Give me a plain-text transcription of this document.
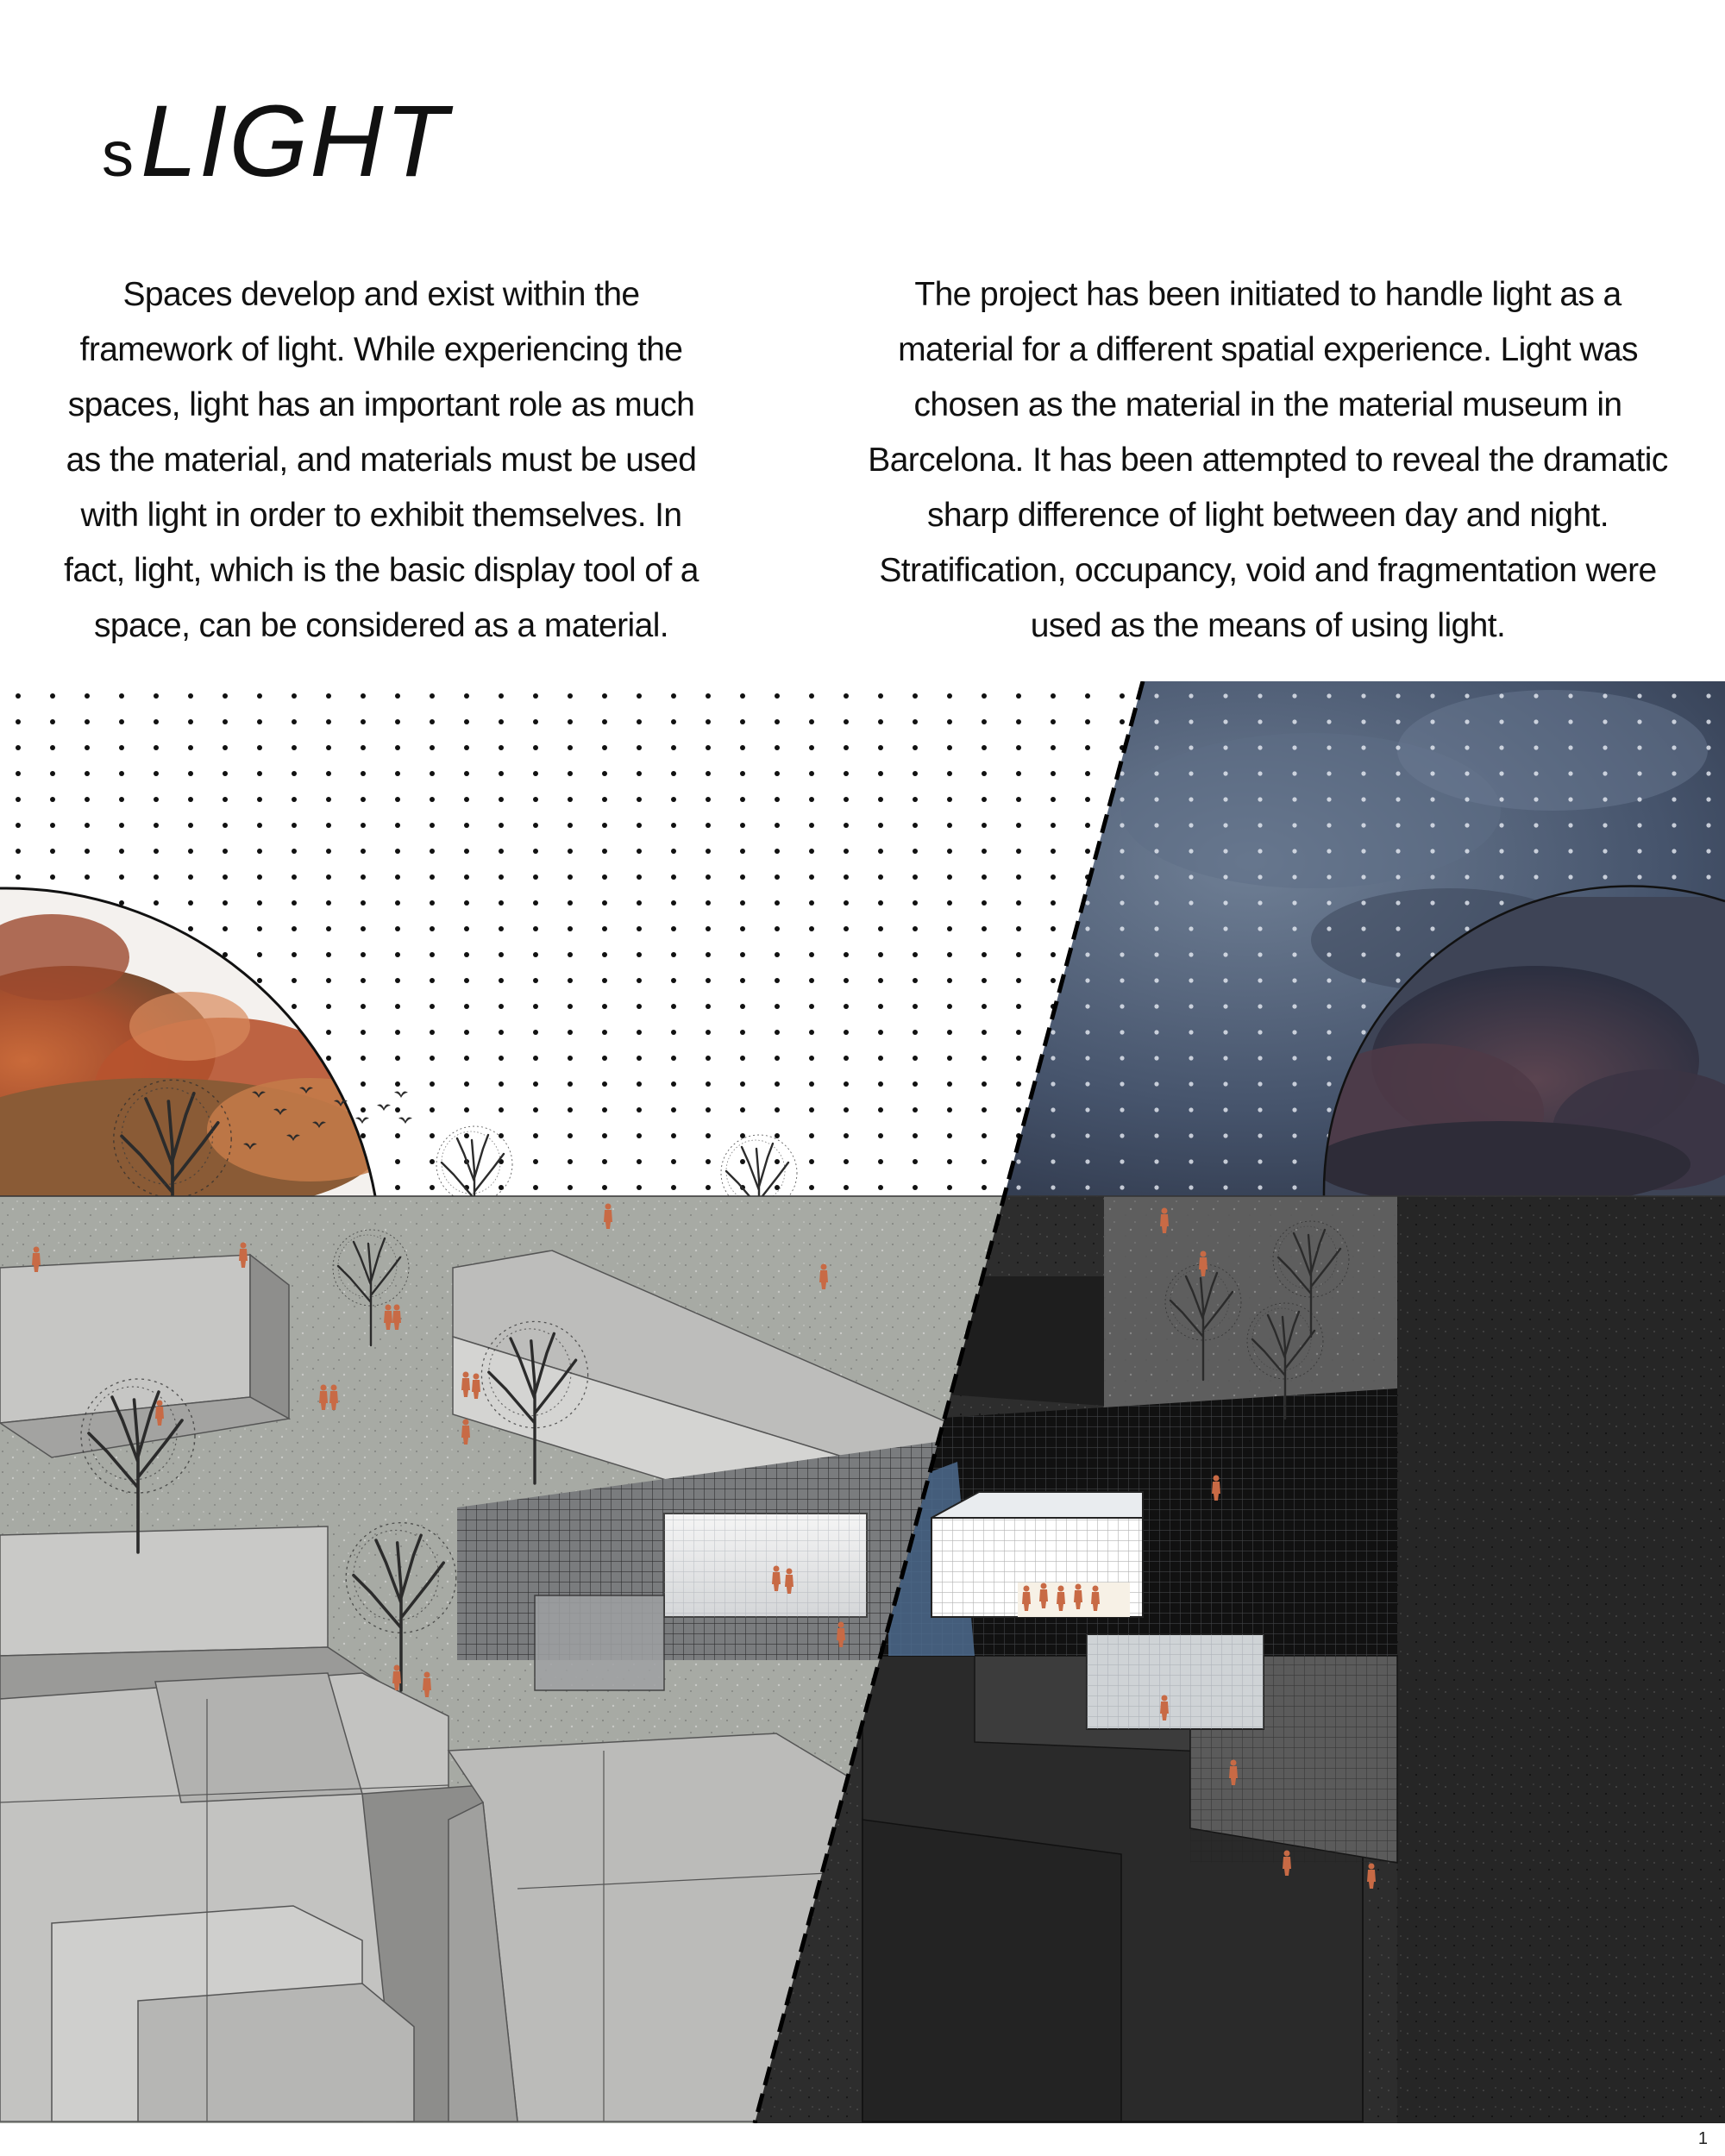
sLIGHT

Spaces develop and exist within the framework of light. While experiencing the spaces, light has an important role as much as the material, and materials must be used with light in order to exhibit themselves. In fact, light, which is the basic display tool of a space, can be considered as a material.

The project has been initiated to handle light as a material for a different spatial experience. Light was chosen as the material in the material museum in Barcelona. It has been attempted to reveal the dramatic sharp difference of light between day and night. Stratification, occupancy, void and fragmentation were used as the means of using light.

1
